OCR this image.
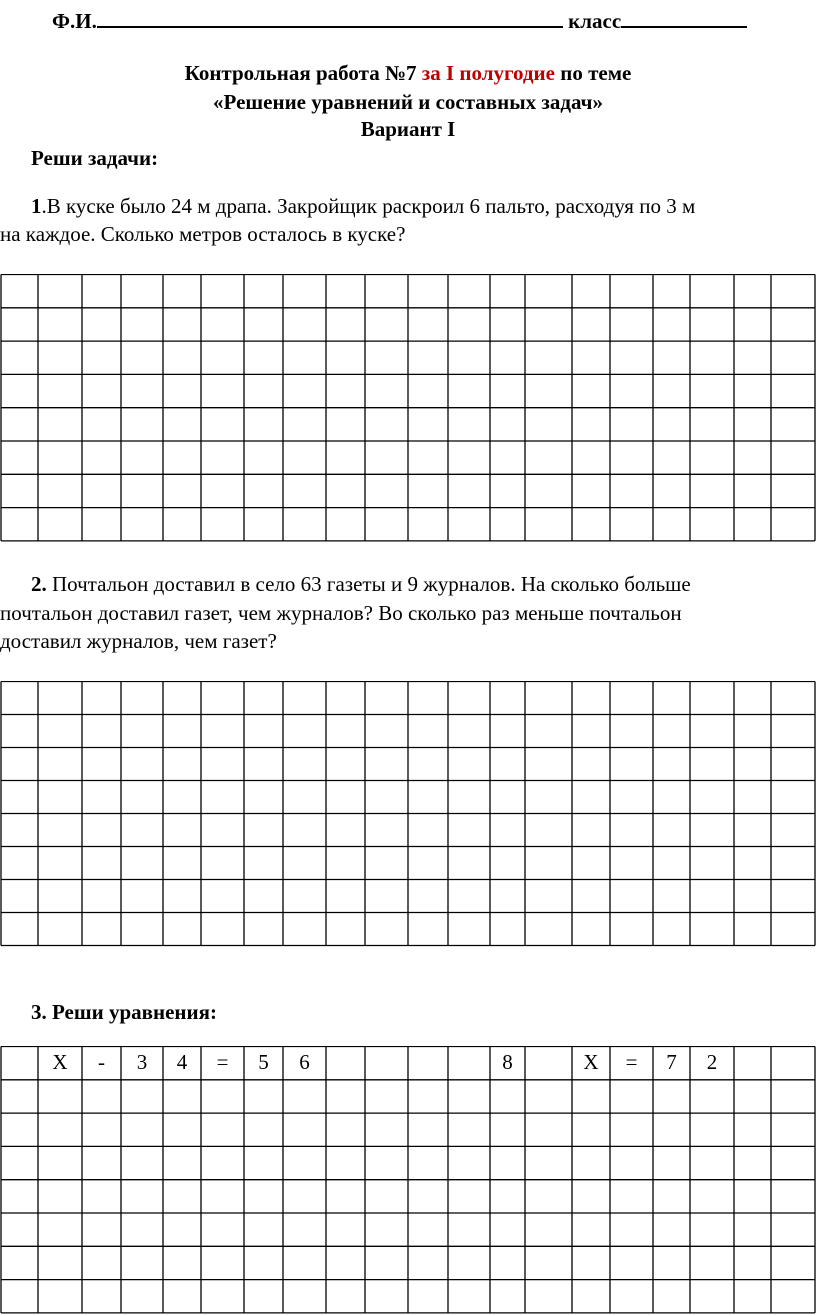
Ф.И.	класс
Контрольная работа №7 за I полугодие по теме
«Решение уравнений и составных задач»
Вариант I
Реши задачи:
1.В куске было 24 м драпа. Закройщик раскроил 6 пальто, расходуя по 3 м
на каждое. Сколько метров осталось в куске?
2. Почтальон доставил в село 63 газеты и 9 журналов. На сколько больше
почтальон доставил газет, чем журналов? Во сколько раз меньше почтальон
доставил журналов, чем газет?
3. Реши уравнения:
X - 3 4 = 5 6	8	X = 7 2
